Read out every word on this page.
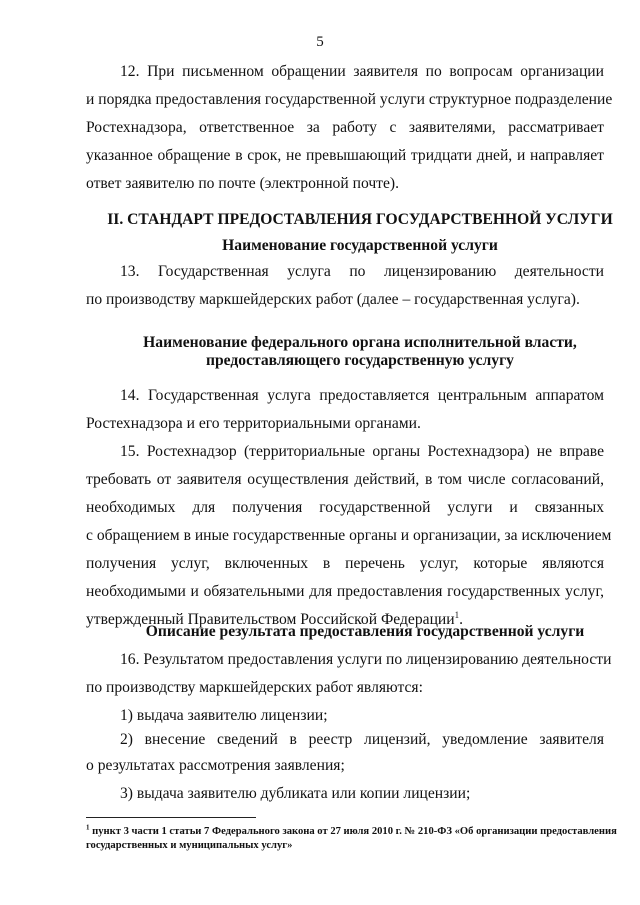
5
12. При письменном обращении заявителя по вопросам организации
и порядка предоставления государственной услуги структурное подразделение
Ростехнадзора, ответственное за работу с заявителями, рассматривает
указанное обращение в срок, не превышающий тридцати дней, и направляет
ответ заявителю по почте (электронной почте).
II. СТАНДАРТ ПРЕДОСТАВЛЕНИЯ ГОСУДАРСТВЕННОЙ УСЛУГИ
Наименование государственной услуги
13. Государственная услуга по лицензированию деятельности
по производству маркшейдерских работ (далее – государственная услуга).
Наименование федерального органа исполнительной власти,
предоставляющего государственную услугу
14. Государственная услуга предоставляется центральным аппаратом
Ростехнадзора и его территориальными органами.
15. Ростехнадзор (территориальные органы Ростехнадзора) не вправе
требовать от заявителя осуществления действий, в том числе согласований,
необходимых для получения государственной услуги и связанных
с обращением в иные государственные органы и организации, за исключением
получения услуг, включенных в перечень услуг, которые являются
необходимыми и обязательными для предоставления государственных услуг,
утвержденный Правительством Российской Федерации$^1$.
Описание результата предоставления государственной услуги
16. Результатом предоставления услуги по лицензированию деятельности
по производству маркшейдерских работ являются:
1) выдача заявителю лицензии;
2) внесение сведений в реестр лицензий, уведомление заявителя
о результатах рассмотрения заявления;
3) выдача заявителю дубликата или копии лицензии;
$^1$ пункт 3 части 1 статьи 7 Федерального закона от 27 июля 2010 г. № 210-ФЗ «Об организации предоставления
государственных и муниципальных услуг»
